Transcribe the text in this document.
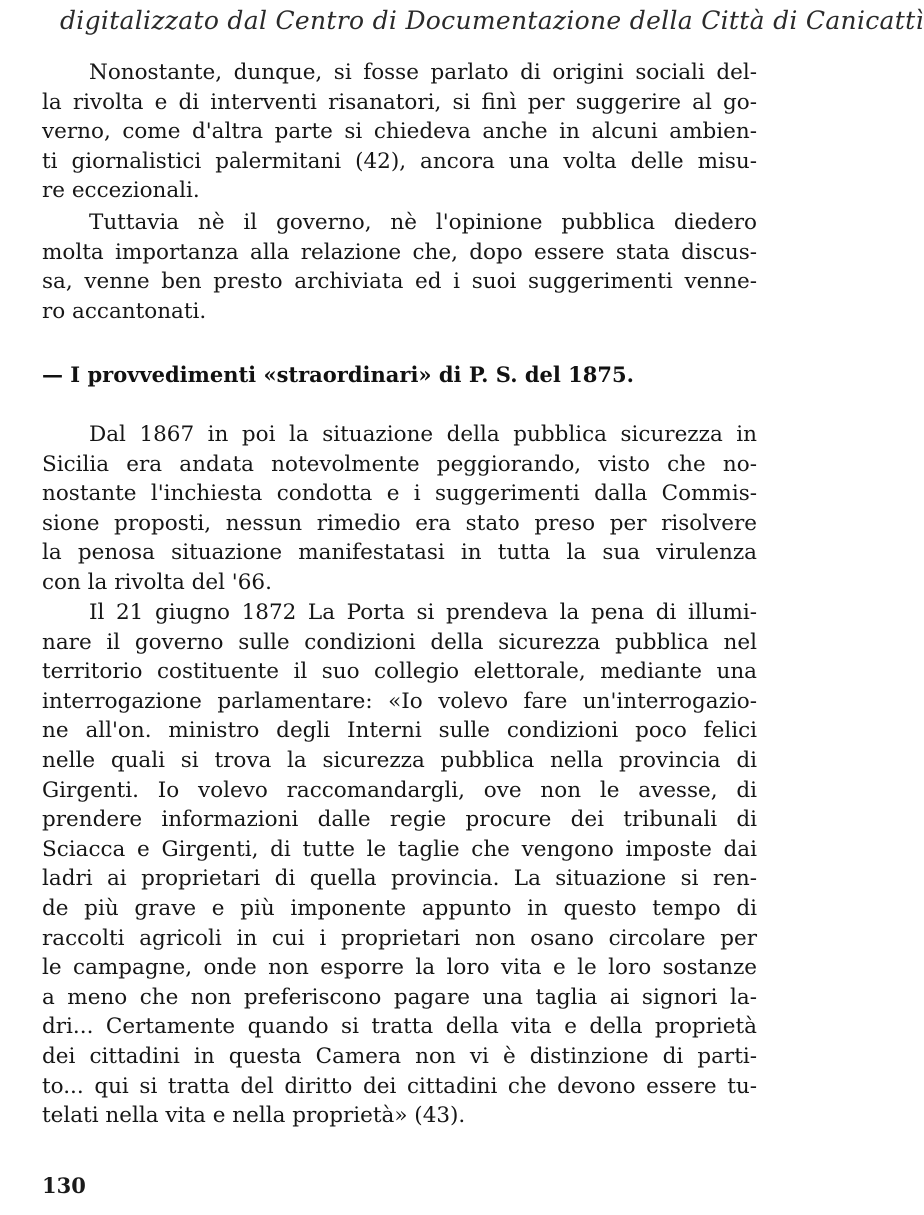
digitalizzato dal Centro di Documentazione della Città di Canicattì
Nonostante, dunque, si fosse parlato di origini sociali del-
la rivolta e di interventi risanatori, si finì per suggerire al go-
verno, come d'altra parte si chiedeva anche in alcuni ambien-
ti giornalistici palermitani (42), ancora una volta delle misu-
re eccezionali.
Tuttavia nè il governo, nè l'opinione pubblica diedero
molta importanza alla relazione che, dopo essere stata discus-
sa, venne ben presto archiviata ed i suoi suggerimenti venne-
ro accantonati.
— I provvedimenti «straordinari» di P. S. del 1875.
Dal 1867 in poi la situazione della pubblica sicurezza in
Sicilia era andata notevolmente peggiorando, visto che no-
nostante l'inchiesta condotta e i suggerimenti dalla Commis-
sione proposti, nessun rimedio era stato preso per risolvere
la penosa situazione manifestatasi in tutta la sua virulenza
con la rivolta del '66.
Il 21 giugno 1872 La Porta si prendeva la pena di illumi-
nare il governo sulle condizioni della sicurezza pubblica nel
territorio costituente il suo collegio elettorale, mediante una
interrogazione parlamentare: «Io volevo fare un'interrogazio-
ne all'on. ministro degli Interni sulle condizioni poco felici
nelle quali si trova la sicurezza pubblica nella provincia di
Girgenti. Io volevo raccomandargli, ove non le avesse, di
prendere informazioni dalle regie procure dei tribunali di
Sciacca e Girgenti, di tutte le taglie che vengono imposte dai
ladri ai proprietari di quella provincia. La situazione si ren-
de più grave e più imponente appunto in questo tempo di
raccolti agricoli in cui i proprietari non osano circolare per
le campagne, onde non esporre la loro vita e le loro sostanze
a meno che non preferiscono pagare una taglia ai signori la-
dri... Certamente quando si tratta della vita e della proprietà
dei cittadini in questa Camera non vi è distinzione di parti-
to... qui si tratta del diritto dei cittadini che devono essere tu-
telati nella vita e nella proprietà» (43).
130
